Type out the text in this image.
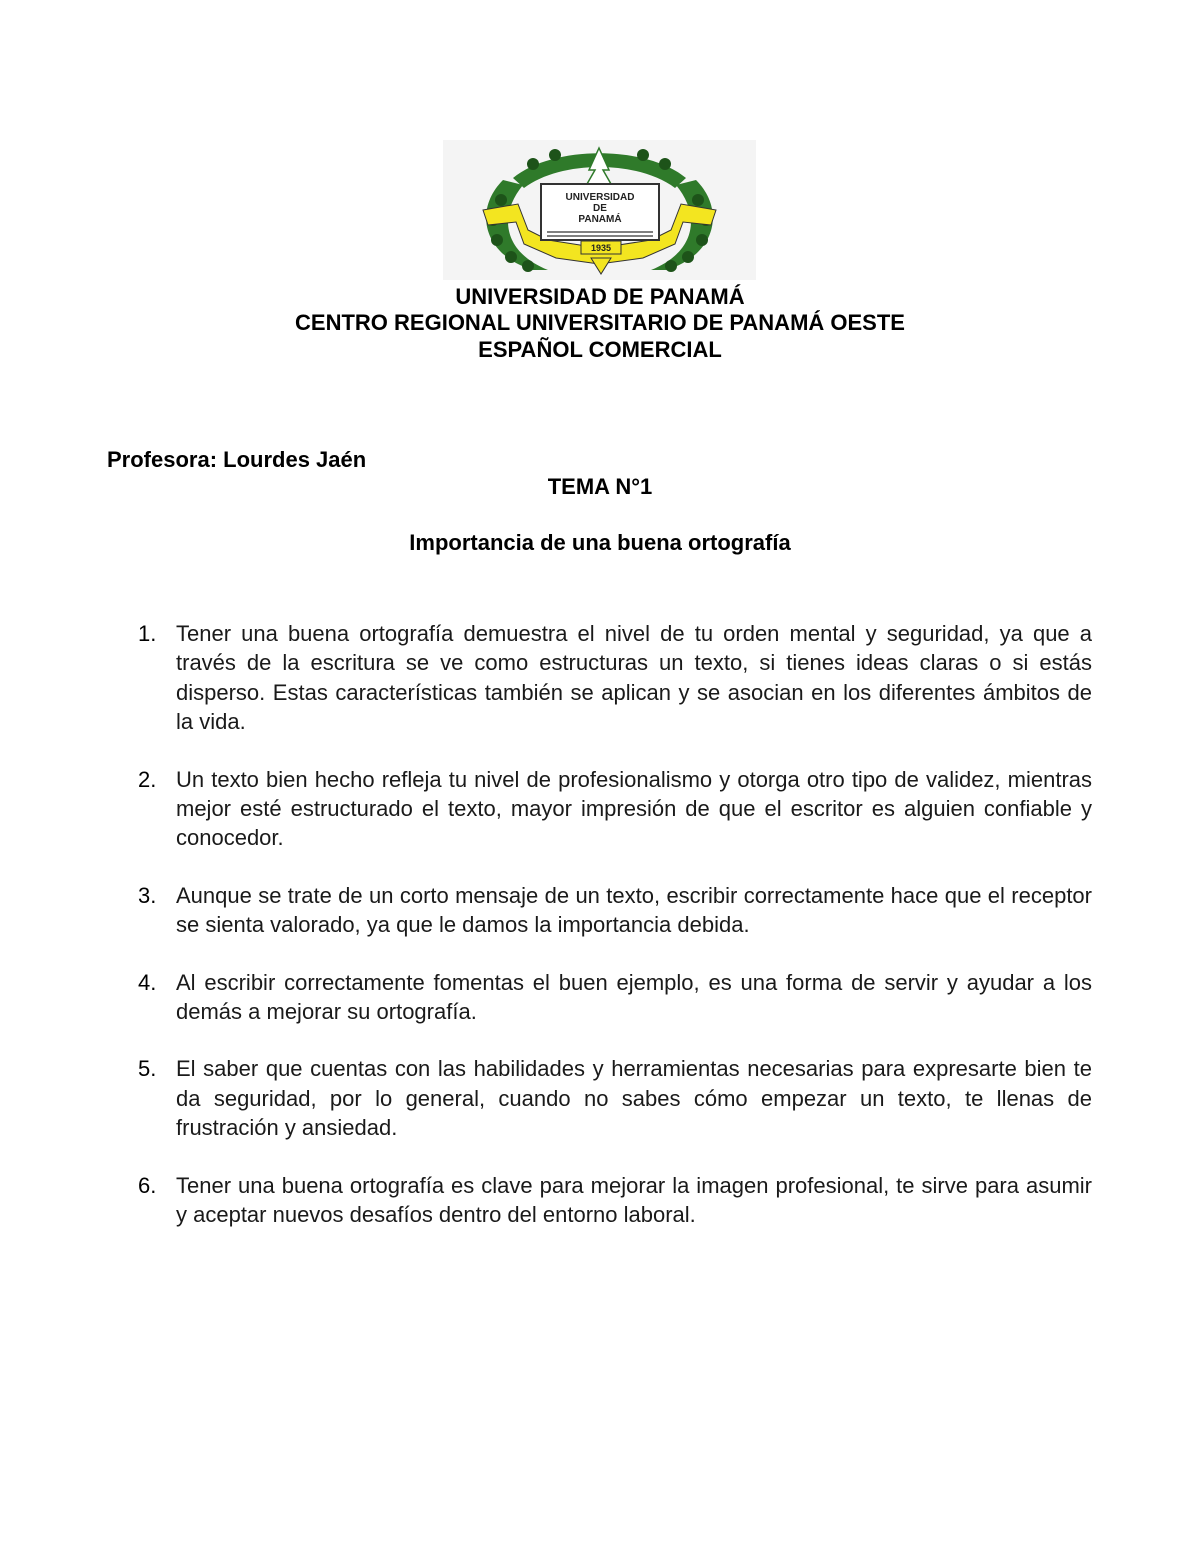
UNIVERSIDAD
DE
PANAMÁ
1935
UNIVERSIDAD DE PANAMÁ
CENTRO REGIONAL UNIVERSITARIO DE PANAMÁ OESTE
ESPAÑOL COMERCIAL
Profesora: Lourdes Jaén
TEMA N°1
Importancia de una buena ortografía
1. Tener una buena ortografía demuestra el nivel de tu orden mental y seguridad, ya que a través de la escritura se ve como estructuras un texto, si tienes ideas claras o si estás disperso. Estas características también se aplican y se asocian en los diferentes ámbitos de la vida.
2. Un texto bien hecho refleja tu nivel de profesionalismo y otorga otro tipo de validez, mientras mejor esté estructurado el texto, mayor impresión de que el escritor es alguien confiable y conocedor.
3. Aunque se trate de un corto mensaje de un texto, escribir correctamente hace que el receptor se sienta valorado, ya que le damos la importancia debida.
4. Al escribir correctamente fomentas el buen ejemplo, es una forma de servir y ayudar a los demás a mejorar su ortografía.
5. El saber que cuentas con las habilidades y herramientas necesarias para expresarte bien te da seguridad, por lo general, cuando no sabes cómo empezar un texto, te llenas de frustración y ansiedad.
6. Tener una buena ortografía es clave para mejorar la imagen profesional, te sirve para asumir y aceptar nuevos desafíos dentro del entorno laboral.
